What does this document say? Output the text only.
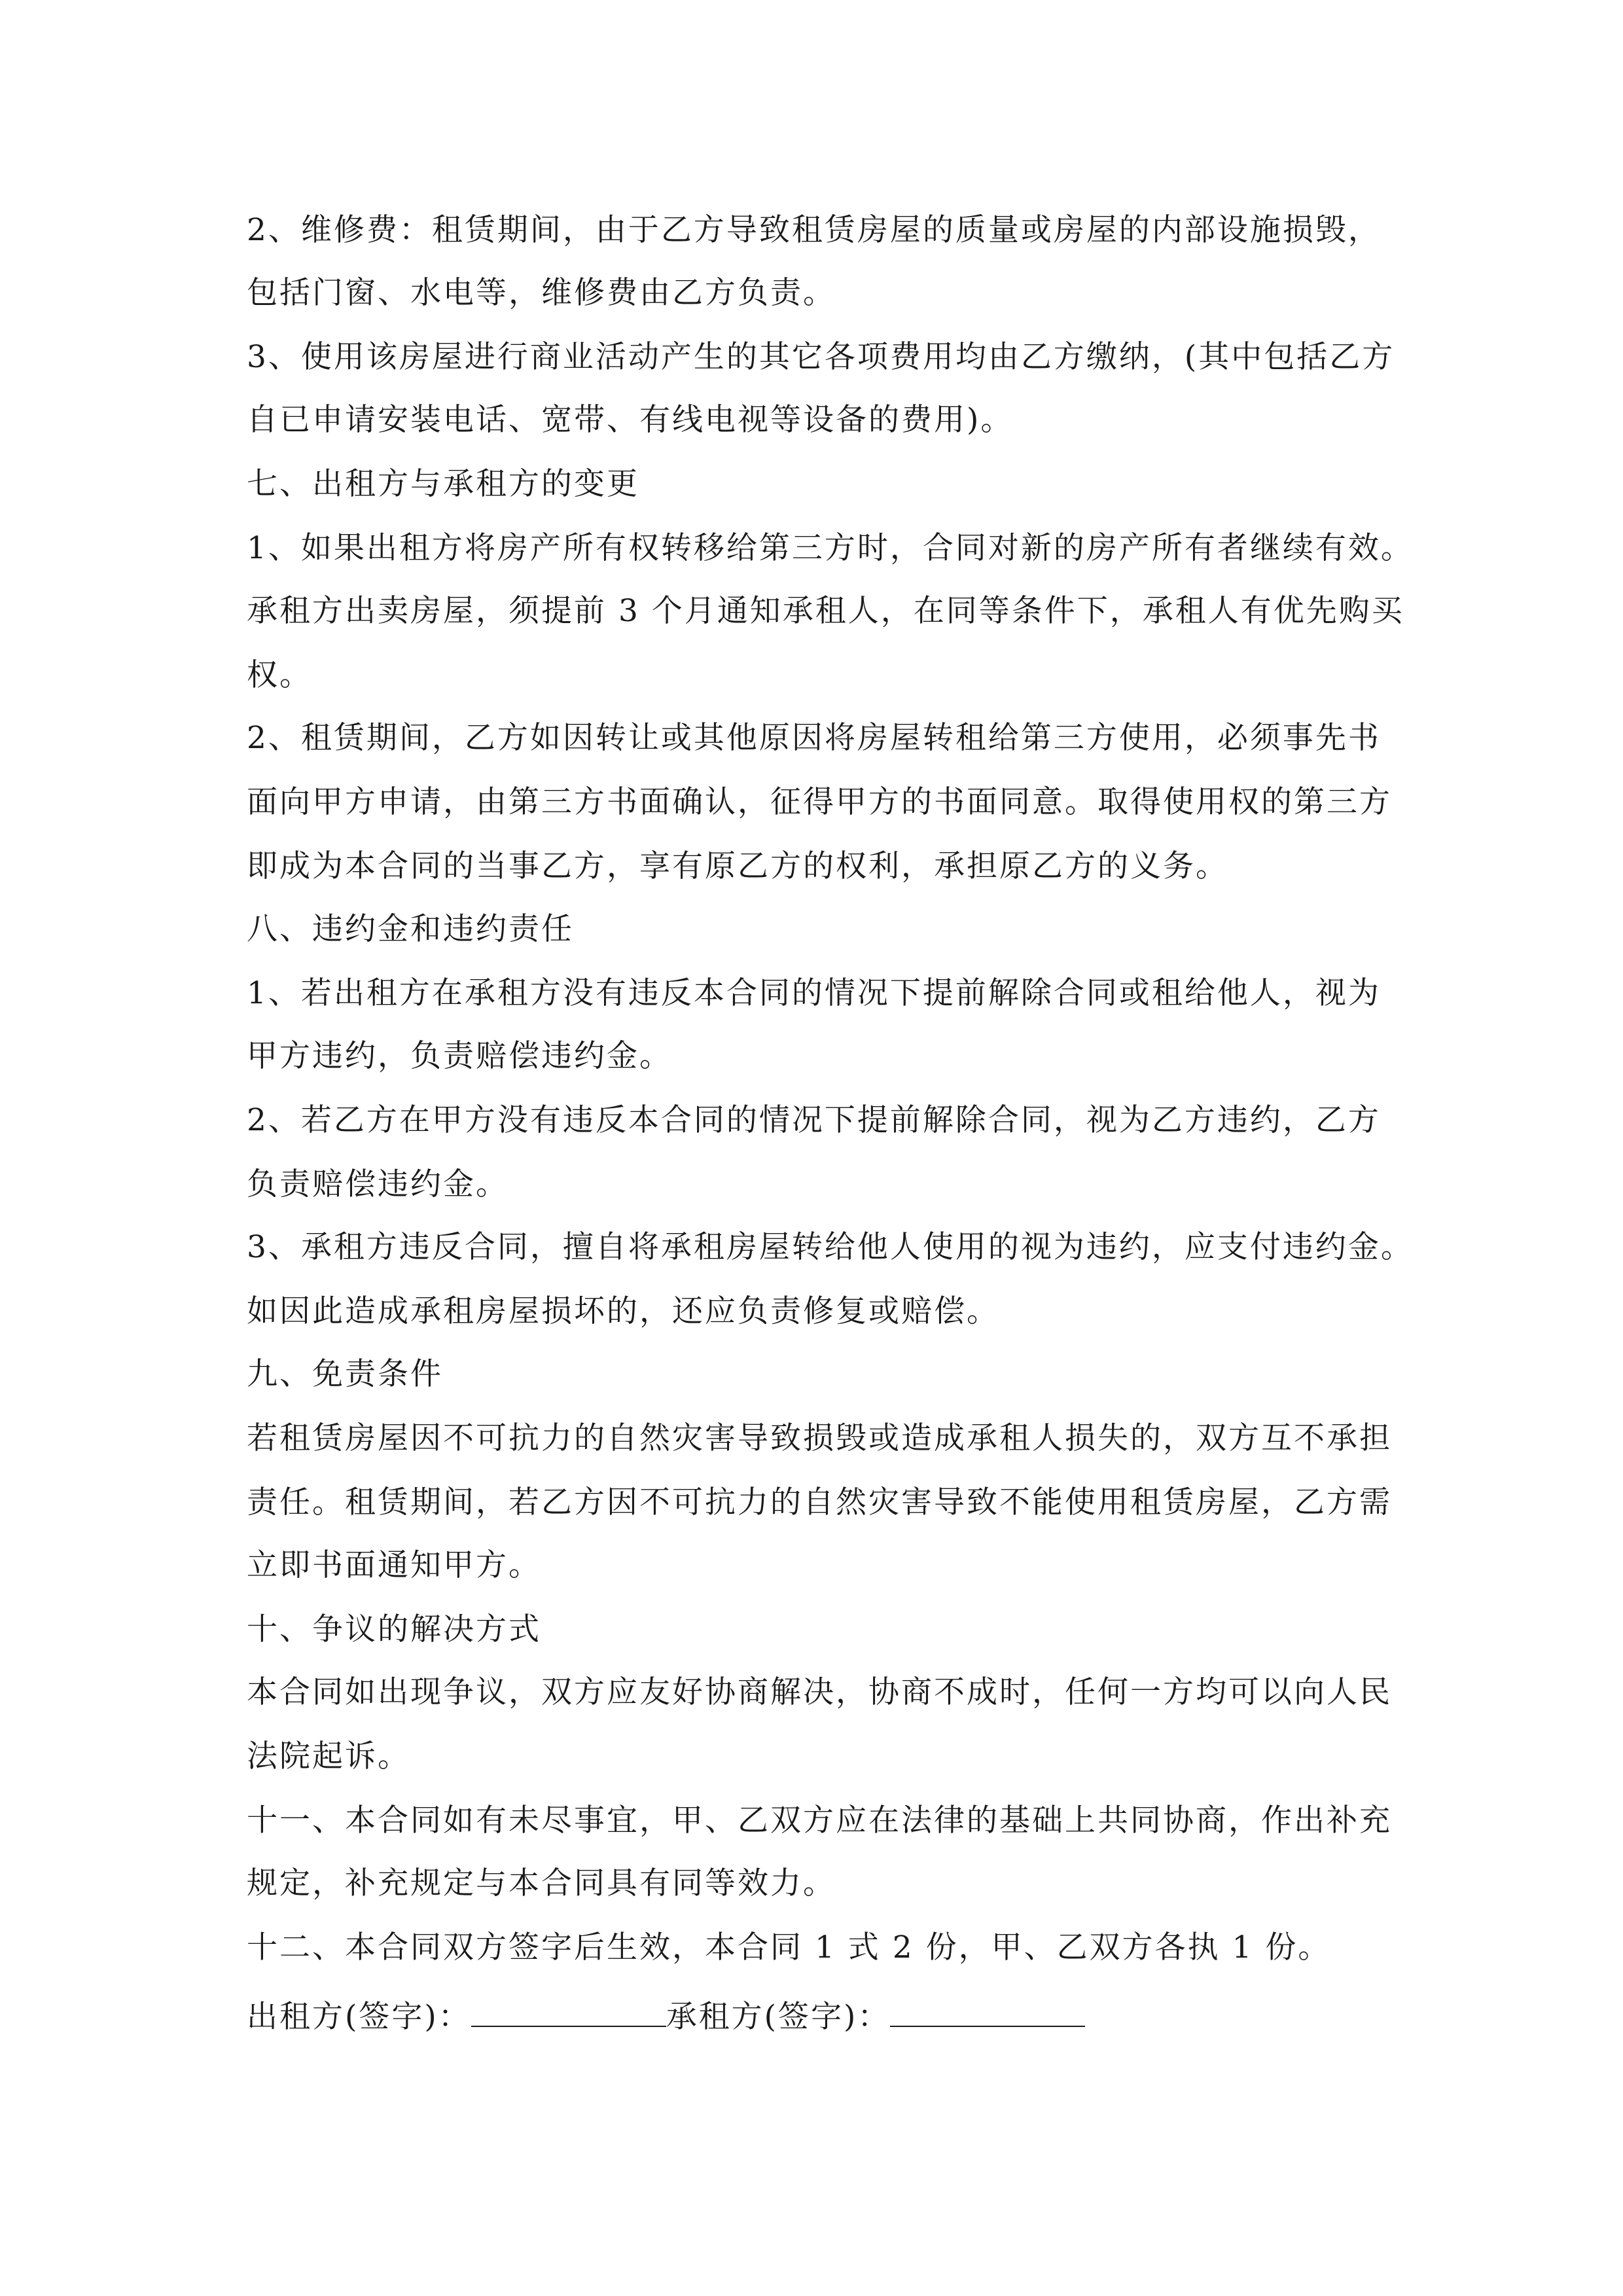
2、维修费：租赁期间，由于乙方导致租赁房屋的质量或房屋的内部设施损毁，
包括门窗、水电等，维修费由乙方负责。
3、使用该房屋进行商业活动产生的其它各项费用均由乙方缴纳，(其中包括乙方
自已申请安装电话、宽带、有线电视等设备的费用)。
七、出租方与承租方的变更
1、如果出租方将房产所有权转移给第三方时，合同对新的房产所有者继续有效。
承租方出卖房屋，须提前 3 个月通知承租人，在同等条件下，承租人有优先购买
权。
2、租赁期间，乙方如因转让或其他原因将房屋转租给第三方使用，必须事先书
面向甲方申请，由第三方书面确认，征得甲方的书面同意。取得使用权的第三方
即成为本合同的当事乙方，享有原乙方的权利，承担原乙方的义务。
八、违约金和违约责任
1、若出租方在承租方没有违反本合同的情况下提前解除合同或租给他人，视为
甲方违约，负责赔偿违约金。
2、若乙方在甲方没有违反本合同的情况下提前解除合同，视为乙方违约，乙方
负责赔偿违约金。
3、承租方违反合同，擅自将承租房屋转给他人使用的视为违约，应支付违约金。
如因此造成承租房屋损坏的，还应负责修复或赔偿。
九、免责条件
若租赁房屋因不可抗力的自然灾害导致损毁或造成承租人损失的，双方互不承担
责任。租赁期间，若乙方因不可抗力的自然灾害导致不能使用租赁房屋，乙方需
立即书面通知甲方。
十、争议的解决方式
本合同如出现争议，双方应友好协商解决，协商不成时，任何一方均可以向人民
法院起诉。
十一、本合同如有未尽事宜，甲、乙双方应在法律的基础上共同协商，作出补充
规定，补充规定与本合同具有同等效力。
十二、本合同双方签字后生效，本合同 1 式 2 份，甲、乙双方各执 1 份。
出租方(签字)：	承租方(签字)：
